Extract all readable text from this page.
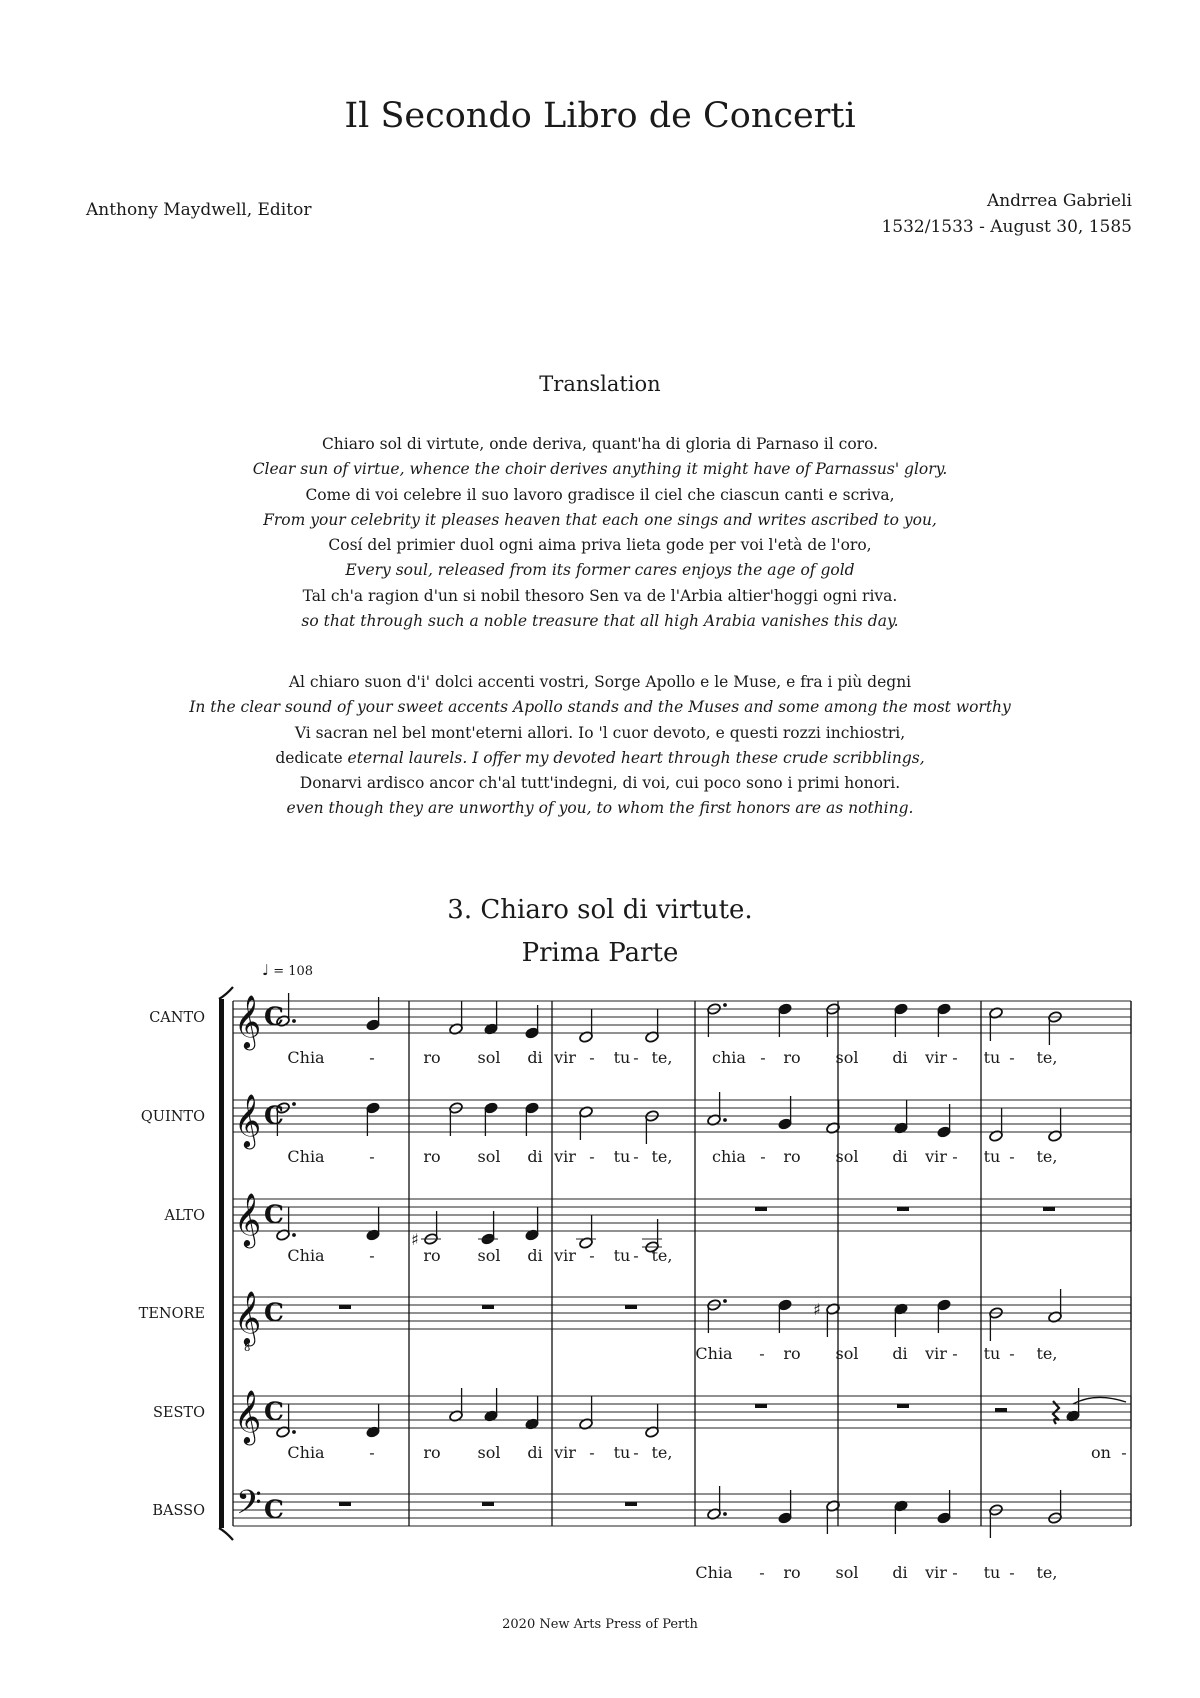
Il Secondo Libro de Concerti
Anthony Maydwell, Editor	Andrrea Gabrieli
1532/1533 - August 30, 1585
Translation
Chiaro sol di virtute, onde deriva, quant'ha di gloria di Parnaso il coro.
Clear sun of virtue, whence the choir derives anything it might have of Parnassus' glory.
Come di voi celebre il suo lavoro gradisce il ciel che ciascun canti e scriva,
From your celebrity it pleases heaven that each one sings and writes ascribed to you,
Cosí del primier duol ogni aima priva lieta gode per voi l'età de l'oro,
Every soul, released from its former cares enjoys the age of gold
Tal ch'a ragion d'un si nobil thesoro Sen va de l'Arbia altier'hoggi ogni riva.
so that through such a noble treasure that all high Arabia vanishes this day.
Al chiaro suon d'i' dolci accenti vostri, Sorge Apollo e le Muse, e fra i più degni
In the clear sound of your sweet accents Apollo stands and the Muses and some among the most worthy
Vi sacran nel bel mont'eterni allori. Io 'l cuor devoto, e questi rozzi inchiostri,
dedicate eternal laurels. I offer my devoted heart through these crude scribblings,
Donarvi ardisco ancor ch'al tutt'indegni, di voi, cui poco sono i primi honori.
even though they are unworthy of you, to whom the first honors are as nothing.
3. Chiaro sol di virtute.
Prima Parte
♩ = 108
CANTO 𝄞 C
Chia	-	ro sol di vir - tu - te, chia - ro sol di vir - tu - te,
QUINTO 𝄞 C
Chia	-	ro sol di vir - tu - te, chia - ro sol di vir - tu - te,
ALTO 𝄞 C
♯
Chia	-	ro sol di vir - tu - te,
TENORE 𝄞
8
C	♯
Chia - ro sol di vir - tu - te,
SESTO 𝄞 C
Chia	-	ro sol di vir - tu - te,	on -
BASSO 𝄢 C
Chia - ro sol di vir - tu - te,
2020 New Arts Press of Perth
